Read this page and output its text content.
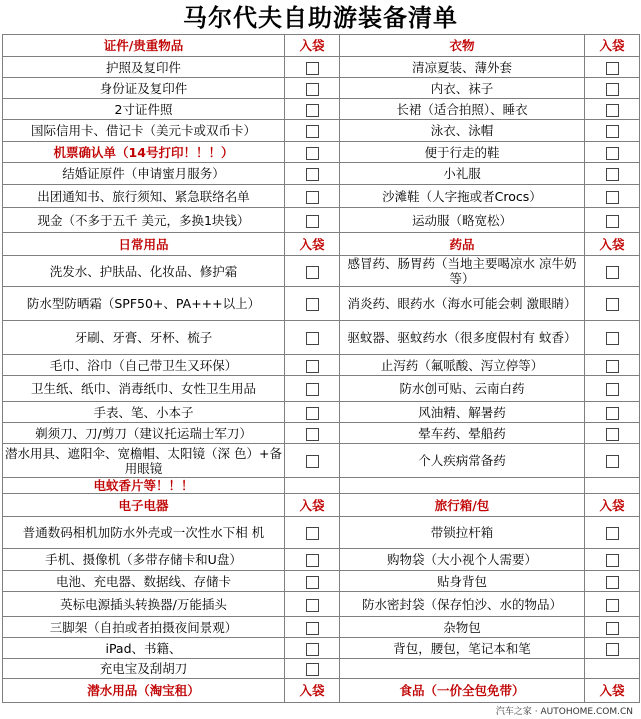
马尔代夫自助游装备清单
证件/贵重物品	入袋	衣物	入袋
护照及复印件		清凉夏装、薄外套	
身份证及复印件		内衣、袜子	
2寸证件照		长裙（适合拍照）、睡衣	
国际信用卡、借记卡（美元卡或双币卡）		泳衣、泳帽	
机票确认单（14号打印！！！）		便于行走的鞋	
结婚证原件（申请蜜月服务）		小礼服	
出团通知书、旅行须知、紧急联络名单		沙滩鞋（人字拖或者Crocs）	
现金（不多于五千 美元，多换1块钱）		运动服（略宽松）	
日常用品	入袋	药品	入袋
洗发水、护肤品、化妆品、修护霜		感冒药、肠胃药（当地主要喝凉水 凉牛奶等）	
防水型防晒霜（SPF50+、PA+++以上）		消炎药、眼药水（海水可能会刺 激眼睛）	
牙刷、牙膏、牙杯、梳子		驱蚊器、驱蚊药水（很多度假村有 蚊香）	
毛巾、浴巾（自己带卫生又环保）		止泻药（氟哌酸、泻立停等）	
卫生纸、纸巾、消毒纸巾、女性卫生用品		防水创可贴、云南白药	
手表、笔、小本子		风油精、解暑药	
剃须刀、刀/剪刀（建议托运瑞士军刀）		晕车药、晕船药	
潜水用具、遮阳伞、宽檐帽、太阳镜（深 色）+备用眼镜		个人疾病常备药	
电蚊香片等！！！			
电子电器	入袋	旅行箱/包	入袋
普通数码相机加防水外壳或一次性水下相 机		带锁拉杆箱	
手机、摄像机（多带存储卡和U盘）		购物袋（大小视个人需要）	
电池、充电器、数据线、存储卡		贴身背包	
英标电源插头转换器/万能插头		防水密封袋（保存怕沙、水的物品）	
三脚架（自拍或者拍摄夜间景观）		杂物包	
iPad、书籍、		背包，腰包，笔记本和笔	
充电宝及刮胡刀			
潜水用品（淘宝租）	入袋	食品（一价全包免带）	入袋
汽车之家 · AUTOHOME.COM.CN
